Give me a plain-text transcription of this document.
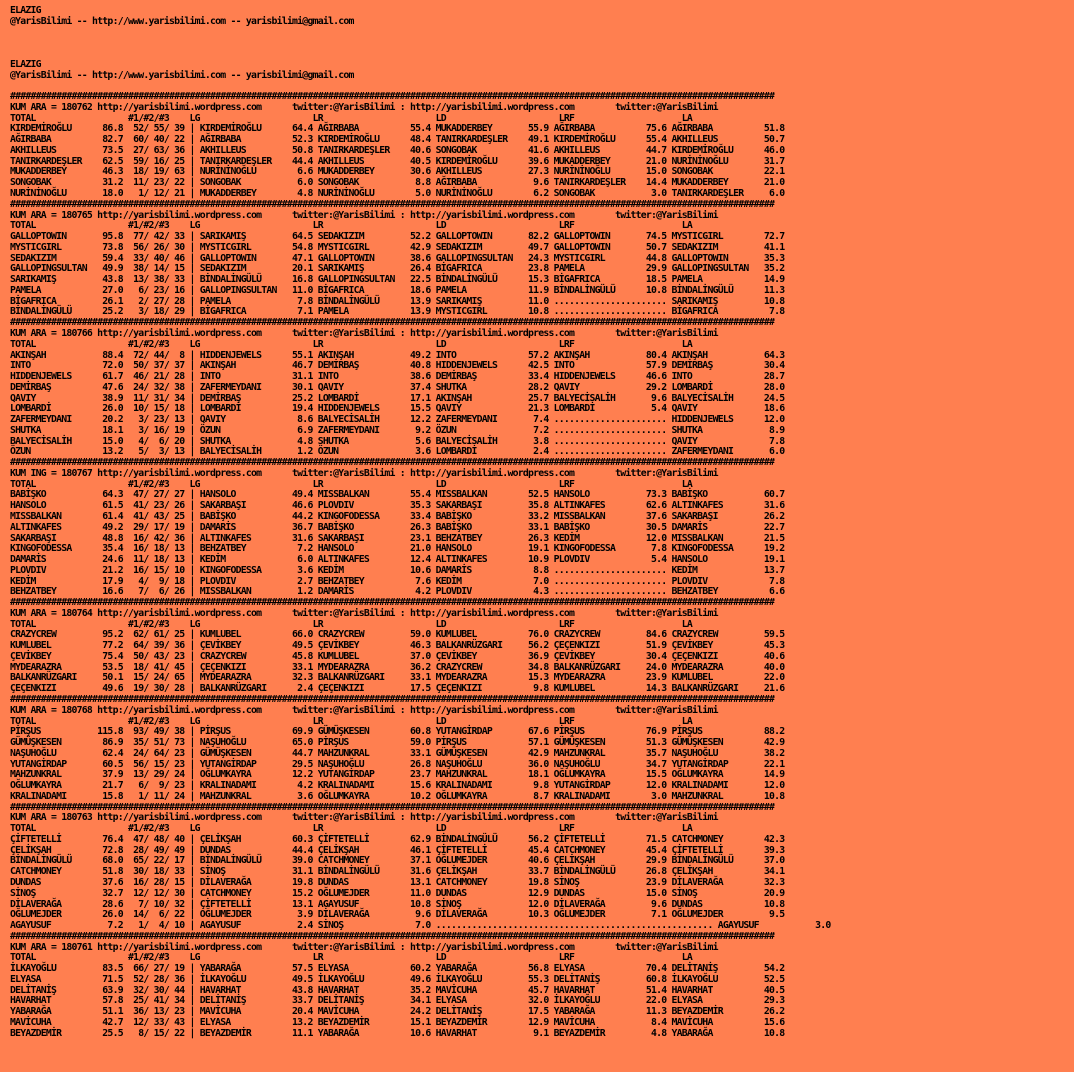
ELAZIG
@YarisBilimi -- http://www.yarisbilimi.com -- yarisbilimi@gmail.com
ELAZIG
@YarisBilimi -- http://www.yarisbilimi.com -- yarisbilimi@gmail.com
#####################################################################################################################################################
KUM ARA = 180762 http://yarisbilimi.wordpress.com      twitter:@YarisBilimi : http://yarisbilimi.wordpress.com        twitter:@YarisBilimi
TOTAL                  #1/#2/#3    LG                      LR                      LD                      LRF                     LA
KIRDEMİROĞLU      86.8  52/ 55/ 39 | KIRDEMİROĞLU      64.4 AĞIRBABA          55.4 MUKADDERBEY       55.9 AĞIRBABA          75.6 AĞIRBABA          51.8
AĞIRBABA          82.7  60/ 40/ 22 | AĞIRBABA          52.3 KIRDEMİROĞLU      48.4 TANIRKARDEŞLER    49.1 KIRDEMİROĞLU      55.4 AKHILLEUS         50.7
AKHILLEUS         73.5  27/ 63/ 36 | AKHILLEUS         50.8 TANIRKARDEŞLER    40.6 SONGOBAK          41.6 AKHILLEUS         44.7 KIRDEMİROĞLU      46.0
TANIRKARDEŞLER    62.5  59/ 16/ 25 | TANIRKARDEŞLER    44.4 AKHILLEUS         40.5 KIRDEMİROĞLU      39.6 MUKADDERBEY       21.0 NURİNİNOĞLU       31.7
MUKADDERBEY       46.3  18/ 19/ 63 | NURİNİNOĞLU        6.6 MUKADDERBEY       30.6 AKHILLEUS         27.3 NURİNİNOĞLU       15.0 SONGOBAK          22.1
SONGOBAK          31.2  11/ 23/ 22 | SONGOBAK           6.0 SONGOBAK           8.8 AĞIRBABA           9.6 TANIRKARDEŞLER    14.4 MUKADDERBEY       21.0
NURİNİNOĞLU       18.0   1/ 12/ 21 | MUKADDERBEY        4.8 NURİNİNOĞLU        5.0 NURİNİNOĞLU        6.2 SONGOBAK           3.0 TANIRKARDEŞLER     6.0
#####################################################################################################################################################
KUM ARA = 180765 http://yarisbilimi.wordpress.com      twitter:@YarisBilimi : http://yarisbilimi.wordpress.com        twitter:@YarisBilimi
TOTAL                  #1/#2/#3    LG                      LR                      LD                      LRF                     LA
GALLOPTOWIN       95.8  77/ 42/ 33 | SARIKAMIŞ         64.5 SEDAKIZIM         52.2 GALLOPTOWIN       82.2 GALLOPTOWIN       74.5 MYSTICGIRL        72.7
MYSTICGIRL        73.8  56/ 26/ 30 | MYSTICGIRL        54.8 MYSTICGIRL        42.9 SEDAKIZIM         49.7 GALLOPTOWIN       50.7 SEDAKIZIM         41.1
SEDAKIZIM         59.4  33/ 40/ 46 | GALLOPTOWIN       47.1 GALLOPTOWIN       38.6 GALLOPINGSULTAN   24.3 MYSTICGIRL        44.8 GALLOPTOWIN       35.3
GALLOPINGSULTAN   49.9  38/ 14/ 15 | SEDAKIZIM         20.1 SARIKAMIŞ         26.4 BİGAFRICA         23.8 PAMELA            29.9 GALLOPINGSULTAN   35.2
SARIKAMIŞ         43.8  13/ 38/ 33 | BİNDALİNGÜLÜ      16.8 GALLOPINGSULTAN   22.5 BİNDALİNGÜLÜ      15.3 BİGAFRICA         18.5 PAMELA            14.9
PAMELA            27.0   6/ 23/ 16 | GALLOPINGSULTAN   11.0 BİGAFRICA         18.6 PAMELA            11.9 BİNDALİNGÜLÜ      10.8 BİNDALİNGÜLÜ      11.3
BİGAFRICA         26.1   2/ 27/ 28 | PAMELA             7.8 BİNDALİNGÜLÜ      13.9 SARIKAMIŞ         11.0 ...................... SARIKAMIŞ         10.8
BİNDALİNGÜLÜ      25.2   3/ 18/ 29 | BİGAFRICA          7.1 PAMELA            13.9 MYSTICGIRL        10.8 ...................... BİGAFRICA          7.8
#####################################################################################################################################################
KUM ARA = 180766 http://yarisbilimi.wordpress.com      twitter:@YarisBilimi : http://yarisbilimi.wordpress.com        twitter:@YarisBilimi
TOTAL                  #1/#2/#3    LG                      LR                      LD                      LRF                     LA
AKINŞAH           88.4  72/ 44/  8 | HIDDENJEWELS      55.1 AKINŞAH           49.2 INTO              57.2 AKINŞAH           80.4 AKINŞAH           64.3
INTO              72.0  50/ 37/ 37 | AKINŞAH           46.7 DEMİRBAŞ          40.8 HIDDENJEWELS      42.5 INTO              57.9 DEMİRBAŞ          30.4
HIDDENJEWELS      61.7  46/ 21/ 28 | INTO              31.1 INTO              38.6 DEMİRBAŞ          33.4 HIDDENJEWELS      46.6 INTO              28.7
DEMİRBAŞ          47.6  24/ 32/ 38 | ZAFERMEYDANI      30.1 QAVIY             37.4 SHUTKA            28.2 QAVIY             29.2 LOMBARDİ          28.0
QAVIY             38.9  11/ 31/ 34 | DEMİRBAŞ          25.2 LOMBARDİ          17.1 AKINŞAH           25.7 BALYECİSALİH       9.6 BALYECİSALİH      24.5
LOMBARDİ          26.0  10/ 15/ 18 | LOMBARDİ          19.4 HIDDENJEWELS      15.5 QAVIY             21.3 LOMBARDİ           5.4 QAVIY             18.6
ZAFERMEYDANI      20.2   3/ 23/ 13 | QAVIY              8.6 BALYECİSALİH      12.2 ZAFERMEYDANI       7.4 ...................... HIDDENJEWELS      12.0
SHUTKA            18.1   3/ 16/ 19 | ÖZUN               6.9 ZAFERMEYDANI       9.2 ÖZUN               7.2 ...................... SHUTKA             8.9
BALYECİSALİH      15.0   4/  6/ 20 | SHUTKA             4.8 SHUTKA             5.6 BALYECİSALİH       3.8 ...................... QAVIY              7.8
ÖZUN              13.2   5/  3/ 13 | BALYECİSALİH       1.2 ÖZUN               3.6 LOMBARDİ           2.4 ...................... ZAFERMEYDANI       6.0
#####################################################################################################################################################
KUM ING = 180767 http://yarisbilimi.wordpress.com      twitter:@YarisBilimi : http://yarisbilimi.wordpress.com        twitter:@YarisBilimi
TOTAL                  #1/#2/#3    LG                      LR                      LD                      LRF                     LA
BABİŞKO           64.3  47/ 27/ 27 | HANSOLO           49.4 MISSBALKAN        55.4 MISSBALKAN        52.5 HANSOLO           73.3 BABİŞKO           60.7
HANSOLO           61.5  41/ 23/ 26 | SAKARBAŞI         46.6 PLOVDIV           35.3 SAKARBAŞI         35.8 ALTINKAFES        62.6 ALTINKAFES        31.6
MISSBALKAN        61.4  41/ 43/ 25 | BABİŞKO           44.2 KINGOFODESSA      33.4 BABİŞKO           33.2 MISSBALKAN        37.6 SAKARBAŞI         26.2
ALTINKAFES        49.2  29/ 17/ 19 | DAMARİS           36.7 BABİŞKO           26.3 BABİŞKO           33.1 BABİŞKO           30.5 DAMARİS           22.7
SAKARBAŞI         48.8  16/ 42/ 36 | ALTINKAFES        31.6 SAKARBAŞI         23.1 BEHZATBEY         26.3 KEDİM             12.0 MISSBALKAN        21.5
KINGOFODESSA      35.4  16/ 18/ 13 | BEHZATBEY          7.2 HANSOLO           21.0 HANSOLO           19.1 KINGOFODESSA       7.8 KINGOFODESSA      19.2
DAMARİS           24.6  11/ 18/ 13 | KEDİM              6.0 ALTINKAFES        12.4 ALTINKAFES        10.9 PLOVDIV            5.4 HANSOLO           19.1
PLOVDIV           21.2  16/ 15/ 10 | KINGOFODESSA       3.6 KEDİM             10.6 DAMARİS            8.8 ...................... KEDİM             13.7
KEDİM             17.9   4/  9/ 18 | PLOVDIV            2.7 BEHZATBEY          7.6 KEDİM              7.0 ...................... PLOVDIV            7.8
BEHZATBEY         16.6   7/  6/ 26 | MISSBALKAN         1.2 DAMARİS            4.2 PLOVDIV            4.3 ...................... BEHZATBEY          6.6
#####################################################################################################################################################
KUM ARA = 180764 http://yarisbilimi.wordpress.com      twitter:@YarisBilimi : http://yarisbilimi.wordpress.com        twitter:@YarisBilimi
TOTAL                  #1/#2/#3    LG                      LR                      LD                      LRF                     LA
CRAZYCREW         95.2  62/ 61/ 25 | KUMLUBEL          66.0 CRAZYCREW         59.0 KUMLUBEL          76.0 CRAZYCREW         84.6 CRAZYCREW         59.5
KUMLUBEL          77.2  64/ 39/ 36 | ÇEVİKBEY          49.5 ÇEVİKBEY          46.3 BALKANRÜZGARI     56.2 ÇEÇENKIZI         51.9 ÇEVİKBEY          45.3
ÇEVİKBEY          75.4  50/ 43/ 23 | CRAZYCREW         45.8 KUMLUBEL          37.0 ÇEVİKBEY          36.9 ÇEVİKBEY          30.4 ÇEÇENKIZI         40.6
MYDEARAZRA        53.5  18/ 41/ 45 | ÇEÇENKIZI         33.1 MYDEARAZRA        36.2 CRAZYCREW         34.8 BALKANRÜZGARI     24.0 MYDEARAZRA        40.0
BALKANRÜZGARI     50.1  15/ 24/ 65 | MYDEARAZRA        32.3 BALKANRÜZGARI     33.1 MYDEARAZRA        15.3 MYDEARAZRA        23.9 KUMLUBEL          22.0
ÇEÇENKIZI         49.6  19/ 30/ 28 | BALKANRÜZGARI      2.4 ÇEÇENKIZI         17.5 ÇEÇENKIZI          9.8 KUMLUBEL          14.3 BALKANRÜZGARI     21.6
#####################################################################################################################################################
KUM ARA = 180768 http://yarisbilimi.wordpress.com      twitter:@YarisBilimi : http://yarisbilimi.wordpress.com        twitter:@YarisBilimi
TOTAL                  #1/#2/#3    LG                      LR                      LD                      LRF                     LA
PİRŞUS           115.8  93/ 49/ 38 | PİRŞUS            69.9 GÜMÜŞKESEN        60.8 YUTANGİRDAP       67.6 PİRŞUS            76.9 PİRŞUS            88.2
GÜMÜŞKESEN        86.9  35/ 51/ 73 | NAŞUHOĞLU         65.0 PİRŞUS            59.0 PİRŞUS            57.1 GÜMÜŞKESEN        51.3 GÜMÜŞKESEN        42.9
NAŞUHOĞLU         62.4  24/ 64/ 23 | GÜMÜŞKESEN        44.7 MAHZUNKRAL        33.1 GÜMÜŞKESEN        42.9 MAHZUNKRAL        35.7 NAŞUHOĞLU         38.2
YUTANGİRDAP       60.5  56/ 15/ 23 | YUTANGİRDAP       29.5 NAŞUHOĞLU         26.8 NAŞUHOĞLU         36.0 NAŞUHOĞLU         34.7 YUTANGİRDAP       22.1
MAHZUNKRAL        37.9  13/ 29/ 24 | OĞLUMKAYRA        12.2 YUTANGİRDAP       23.7 MAHZUNKRAL        18.1 OĞLUMKAYRA        15.5 OĞLUMKAYRA        14.9
OĞLUMKAYRA        21.7   6/  9/ 23 | KRALINADAMI        4.2 KRALINADAMI       15.6 KRALINADAMI        9.8 YUTANGİRDAP       12.0 KRALINADAMI       12.0
KRALINADAMI       15.8   1/ 11/ 24 | MAHZUNKRAL         3.6 OĞLUMKAYRA        10.2 OĞLUMKAYRA         8.7 KRALINADAMI        3.0 MAHZUNKRAL        10.8
#####################################################################################################################################################
KUM ARA = 180763 http://yarisbilimi.wordpress.com      twitter:@YarisBilimi : http://yarisbilimi.wordpress.com        twitter:@YarisBilimi
TOTAL                  #1/#2/#3    LG                      LR                      LD                      LRF                     LA
ÇİFTETELLİ        76.4  47/ 48/ 40 | ÇELİKŞAH          60.3 ÇİFTETELLİ        62.9 BİNDALİNGÜLÜ      56.2 ÇİFTETELLİ        71.5 CATCHMONEY        42.3
ÇELİKŞAH          72.8  28/ 49/ 49 | DUNDAS            44.4 ÇELİKŞAH          46.1 ÇİFTETELLİ        45.4 CATCHMONEY        45.4 ÇİFTETELLİ        39.3
BİNDALİNGÜLÜ      68.0  65/ 22/ 17 | BİNDALİNGÜLÜ      39.0 CATCHMONEY        37.1 OĞLUMEJDER        40.6 ÇELİKŞAH          29.9 BİNDALİNGÜLÜ      37.0
CATCHMONEY        51.8  30/ 18/ 33 | SİNOŞ             31.1 BİNDALİNGÜLÜ      31.6 ÇELİKŞAH          33.7 BİNDALİNGÜLÜ      26.8 ÇELİKŞAH          34.1
DUNDAS            37.6  16/ 28/ 15 | DİLAVERAĞA        19.8 DUNDAS            13.1 CATCHMONEY        19.8 SİNOŞ             23.9 DİLAVERAĞA        32.3
SİNOŞ             32.7  12/ 12/ 30 | CATCHMONEY        15.2 OĞLUMEJDER        11.0 DUNDAS            12.9 DUNDAS            15.0 SİNOŞ             20.9
DİLAVERAĞA        28.6   7/ 10/ 32 | ÇİFTETELLİ        13.1 AGAYUSUF          10.8 SİNOŞ             12.0 DİLAVERAĞA         9.6 DUNDAS            10.8
OĞLUMEJDER        26.0  14/  6/ 22 | OĞLUMEJDER         3.9 DİLAVERAĞA         9.6 DİLAVERAĞA        10.3 OĞLUMEJDER         7.1 OĞLUMEJDER         9.5
AGAYUSUF           7.2   1/  4/ 10 | AGAYUSUF           2.4 SİNOŞ              7.0 ...................................................... AGAYUSUF           3.0
#####################################################################################################################################################
KUM ARA = 180761 http://yarisbilimi.wordpress.com      twitter:@YarisBilimi : http://yarisbilimi.wordpress.com        twitter:@YarisBilimi
TOTAL                  #1/#2/#3    LG                      LR                      LD                      LRF                     LA
İLKAYOĞLU         83.5  66/ 27/ 19 | YABARAĞA          57.5 ELYASA            60.2 YABARAĞA          56.8 ELYASA            70.4 DELİTANİŞ         54.2
ELYASA            71.5  52/ 28/ 36 | İLKAYOĞLU         49.5 İLKAYOĞLU         49.6 İLKAYOĞLU         55.3 DELİTANİŞ         60.8 İLKAYOĞLU         52.5
DELİTANİŞ         63.9  32/ 30/ 44 | HAVARHAT          43.8 HAVARHAT          35.2 MAVİCUHA          45.7 HAVARHAT          51.4 HAVARHAT          40.5
HAVARHAT          57.8  25/ 41/ 34 | DELİTANİŞ         33.7 DELİTANİŞ         34.1 ELYASA            32.0 İLKAYOĞLU         22.0 ELYASA            29.3
YABARAĞA          51.1  36/ 13/ 23 | MAVİCUHA          20.4 MAVİCUHA          24.2 DELİTANİŞ         17.5 YABARAĞA          11.3 BEYAZDEMİR        26.2
MAVİCUHA          42.7  12/ 33/ 43 | ELYASA            13.2 BEYAZDEMİR        15.1 BEYAZDEMİR        12.9 MAVİCUHA           8.4 MAVİCUHA          15.6
BEYAZDEMİR        25.5   8/ 15/ 22 | BEYAZDEMİR        11.1 YABARAĞA          10.6 HAVARHAT           9.1 BEYAZDEMİR         4.8 YABARAĞA          10.8
